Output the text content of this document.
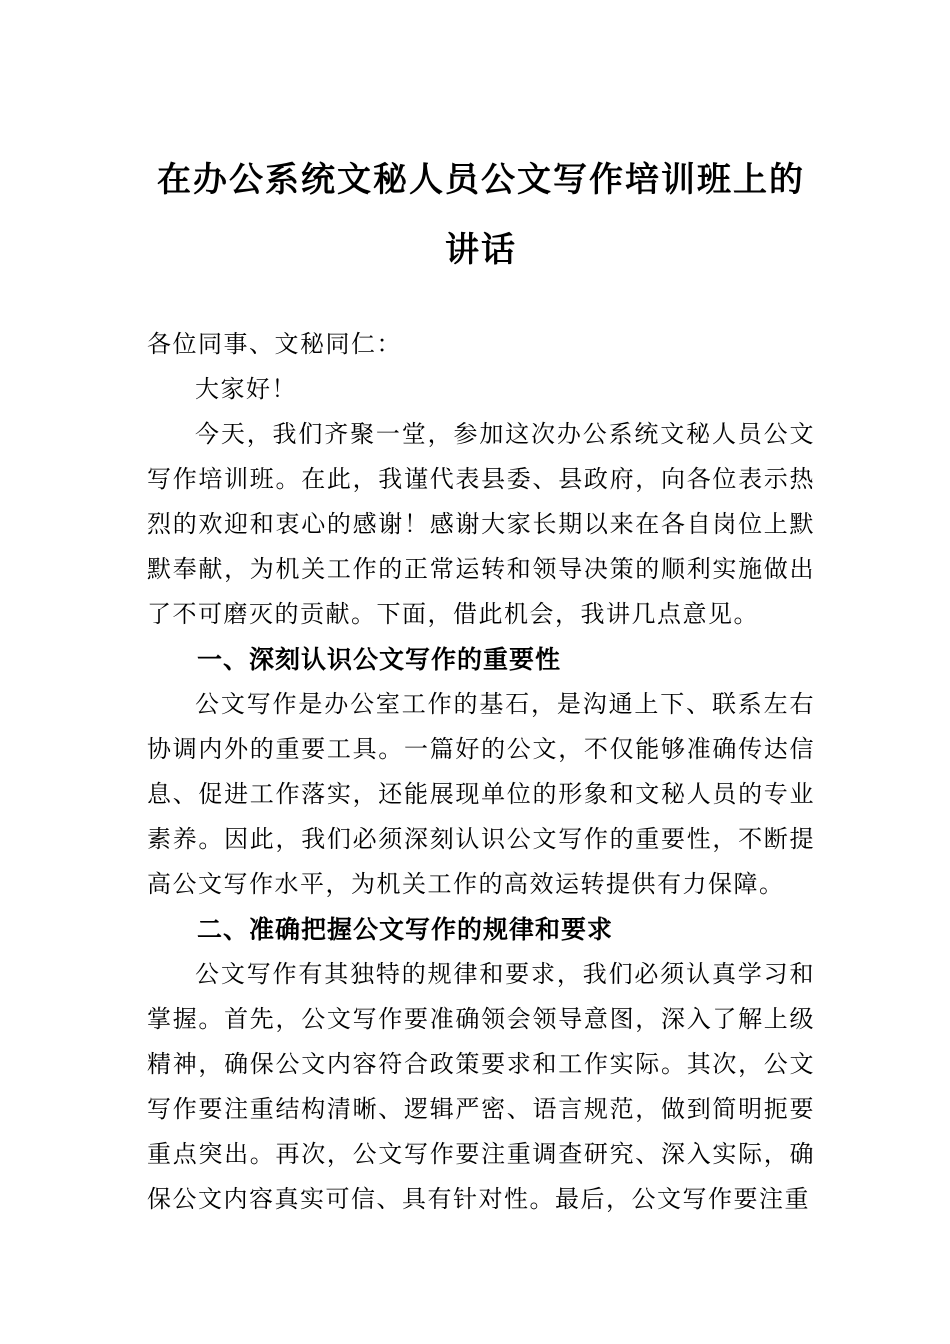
在办公系统文秘人员公文写作培训班上的讲话

各位同事、文秘同仁：

大家好！

今天，我们齐聚一堂，参加这次办公系统文秘人员公文写作培训班。在此，我谨代表县委、县政府，向各位表示热烈的欢迎和衷心的感谢！感谢大家长期以来在各自岗位上默默奉献，为机关工作的正常运转和领导决策的顺利实施做出了不可磨灭的贡献。下面，借此机会，我讲几点意见。

一、深刻认识公文写作的重要性

公文写作是办公室工作的基石，是沟通上下、联系左右协调内外的重要工具。一篇好的公文，不仅能够准确传达信息、促进工作落实，还能展现单位的形象和文秘人员的专业素养。因此，我们必须深刻认识公文写作的重要性，不断提高公文写作水平，为机关工作的高效运转提供有力保障。

二、准确把握公文写作的规律和要求

公文写作有其独特的规律和要求，我们必须认真学习和掌握。首先，公文写作要准确领会领导意图，深入了解上级精神，确保公文内容符合政策要求和工作实际。其次，公文写作要注重结构清晰、逻辑严密、语言规范，做到简明扼要重点突出。再次，公文写作要注重调查研究、深入实际，确保公文内容真实可信、具有针对性。最后，公文写作要注重
